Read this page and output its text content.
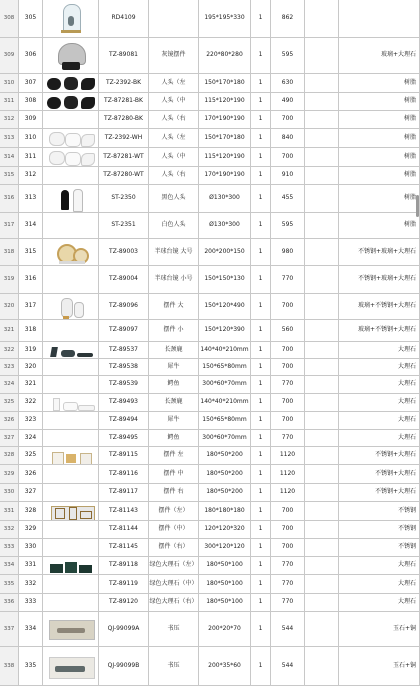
308	305	RD4109	195*195*330	1	862
309	306	TZ-89081	灰镜摆件	220*80*280	1	595	玻璃+大理石
310	307	TZ-2392-BK	人头（左	150*170*180	1	630	树脂
311	308	TZ-87281-BK	人头（中	115*120*190	1	490	树脂
312	309	TZ-87280-BK	人头（右	170*190*190	1	700	树脂
313	310	TZ-2392-WH	人头（左	150*170*180	1	840	树脂
314	311	TZ-87281-WT	人头（中	115*120*190	1	700	树脂
315	312	TZ-87280-WT	人头（右	170*190*190	1	910	树脂
316	313	ST-2350	黑色人头	Ø130*300	1	455	树脂
317	314	ST-2351	白色人头	Ø130*300	1	595	树脂
318	315	TZ-89003	半球台镜 大号	200*200*150	1	980	不锈钢+玻璃+大理石
319	316	TZ-89004	半球台镜 小号	150*150*130	1	770	不锈钢+玻璃+大理石
320	317	TZ-89096	摆件 大	150*120*490	1	700	玻璃+不锈钢+大理石
321	318	TZ-89097	摆件 小	150*120*390	1	560	玻璃+不锈钢+大理石
322	319	TZ-89537	长颈鹿	140*40*210mm	1	700	大理石
323	320	TZ-89538	犀牛	150*65*80mm	1	700	大理石
324	321	TZ-89539	鳄鱼	300*60*70mm	1	770	大理石
325	322	TZ-89493	长颈鹿	140*40*210mm	1	700	大理石
326	323	TZ-89494	犀牛	150*65*80mm	1	700	大理石
327	324	TZ-89495	鳄鱼	300*60*70mm	1	770	大理石
328	325	TZ-89115	摆件 左	180*50*200	1	1120	不锈钢+大理石
329	326	TZ-89116	摆件 中	180*50*200	1	1120	不锈钢+大理石
330	327	TZ-89117	摆件 右	180*50*200	1	1120	不锈钢+大理石
331	328	TZ-81143	摆件（左）	180*180*180	1	700	不锈钢
332	329	TZ-81144	摆件（中）	120*120*320	1	700	不锈钢
333	330	TZ-81145	摆件（右）	300*120*120	1	700	不锈钢
334	331	TZ-89118	绿色大理石（左）	180*50*100	1	770	大理石
335	332	TZ-89119	绿色大理石（中）	180*50*100	1	770	大理石
336	333	TZ-89120	绿色大理石（右）	180*50*100	1	770	大理石
337	334	QJ-99099A	书压	200*20*70	1	544	玉石+铜
338	335	QJ-99099B	书压	200*35*60	1	544	玉石+铜
